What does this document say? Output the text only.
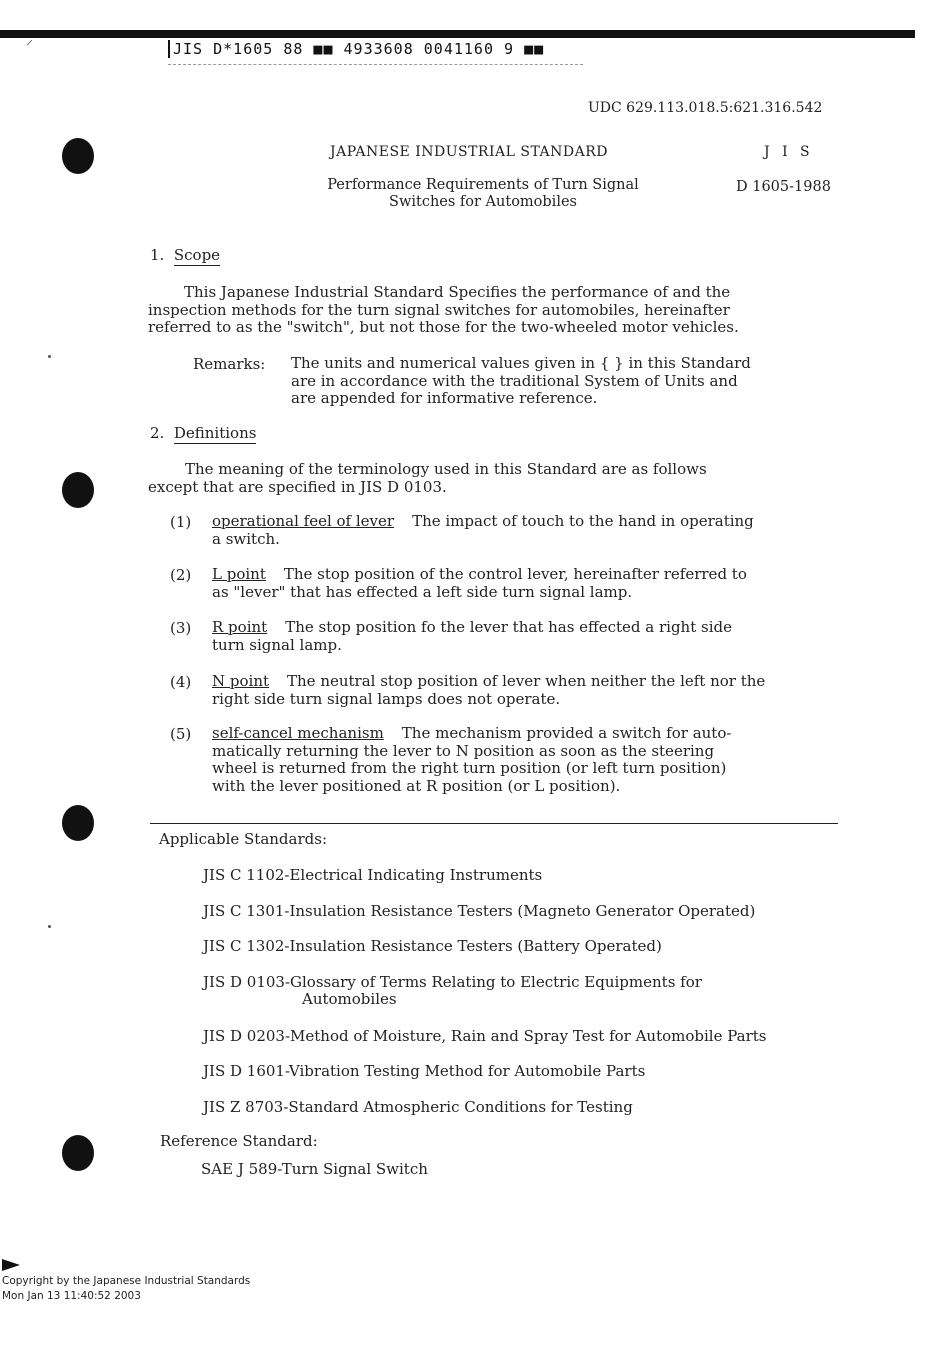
⸍	JIS D*1605 88 ■■ 4933608 0041160 9 ■■
UDC 629.113.018.5:621.316.542
JAPANESE INDUSTRIAL STANDARD	J I S
Performance Requirements of Turn Signal
Switches for Automobiles
D 1605-1988
1. Scope
This Japanese Industrial Standard Specifies the performance of and the
inspection methods for the turn signal switches for automobiles, hereinafter
referred to as the "switch", but not those for the two-wheeled motor vehicles.
Remarks: The units and numerical values given in { } in this Standard
are in accordance with the traditional System of Units and
are appended for informative reference.
2. Definitions
The meaning of the terminology used in this Standard are as follows
except that are specified in JIS D 0103.
(1) operational feel of lever The impact of touch to the hand in operating
a switch.
(2) L point The stop position of the control lever, hereinafter referred to
as "lever" that has effected a left side turn signal lamp.
(3) R point The stop position fo the lever that has effected a right side
turn signal lamp.
(4) N point The neutral stop position of lever when neither the left nor the
right side turn signal lamps does not operate.
(5) self-cancel mechanism The mechanism provided a switch for auto-
matically returning the lever to N position as soon as the steering
wheel is returned from the right turn position (or left turn position)
with the lever positioned at R position (or L position).
Applicable Standards:
JIS C 1102-Electrical Indicating Instruments
JIS C 1301-Insulation Resistance Testers (Magneto Generator Operated)
JIS C 1302-Insulation Resistance Testers (Battery Operated)
JIS D 0103-Glossary of Terms Relating to Electric Equipments for
Automobiles
JIS D 0203-Method of Moisture, Rain and Spray Test for Automobile Parts
JIS D 1601-Vibration Testing Method for Automobile Parts
JIS Z 8703-Standard Atmospheric Conditions for Testing
Reference Standard:
SAE J 589-Turn Signal Switch
Copyright by the Japanese Industrial Standards
Mon Jan 13 11:40:52 2003
